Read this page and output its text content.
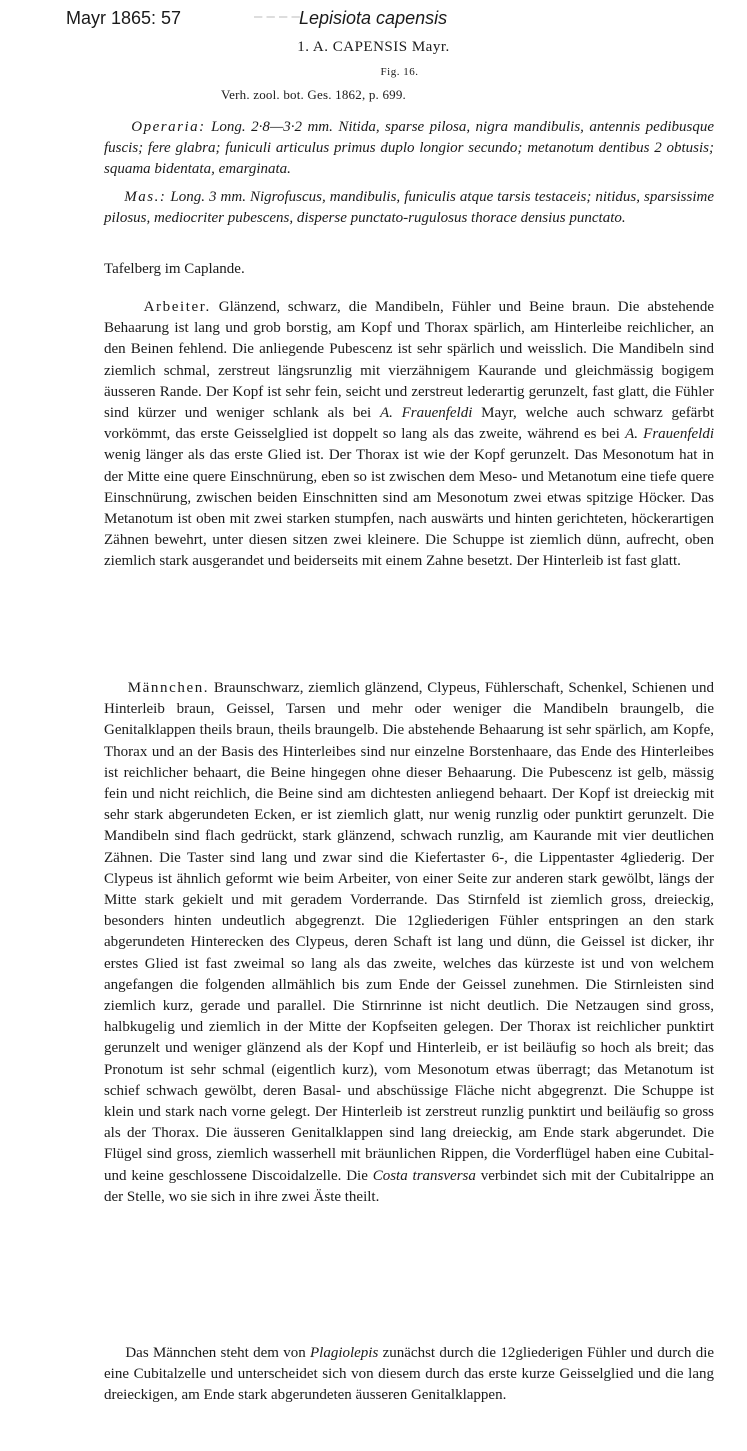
Mayr 1865: 57	– – – – Lepisiota capensis
1. A. CAPENSIS Mayr.
Fig. 16.
Verh. zool. bot. Ges. 1862, p. 699.

Operaria: Long. 2·8—3·2 mm. Nitida, sparse pilosa, nigra mandibulis, antennis pedibusque fuscis; fere glabra; funiculi articulus primus duplo longior secundo; metanotum dentibus 2 obtusis; squama bidentata, emarginata.

Mas.: Long. 3 mm. Nigrofuscus, mandibulis, funiculis atque tarsis testaceis; nitidus, sparsissime pilosus, mediocriter pubescens, disperse punctato-rugulosus thorace densius punctato.

Tafelberg im Caplande.

Arbeiter. Glänzend, schwarz, die Mandibeln, Fühler und Beine braun. Die abstehende Behaarung ist lang und grob borstig, am Kopf und Thorax spärlich, am Hinterleibe reichlicher, an den Beinen fehlend. Die anliegende Pubescenz ist sehr spärlich und weisslich. Die Mandibeln sind ziemlich schmal, zerstreut längsrunzlig mit vierzähnigem Kaurande und gleichmässig bogigem äusseren Rande. Der Kopf ist sehr fein, seicht und zerstreut lederartig gerunzelt, fast glatt, die Fühler sind kürzer und weniger schlank als bei A. Frauenfeldi Mayr, welche auch schwarz gefärbt vorkömmt, das erste Geisselglied ist doppelt so lang als das zweite, während es bei A. Frauenfeldi wenig länger als das erste Glied ist. Der Thorax ist wie der Kopf gerunzelt. Das Mesonotum hat in der Mitte eine quere Einschnürung, eben so ist zwischen dem Meso- und Metanotum eine tiefe quere Einschnürung, zwischen beiden Einschnitten sind am Mesonotum zwei etwas spitzige Höcker. Das Metanotum ist oben mit zwei starken stumpfen, nach auswärts und hinten gerichteten, höckerartigen Zähnen bewehrt, unter diesen sitzen zwei kleinere. Die Schuppe ist ziemlich dünn, aufrecht, oben ziemlich stark ausgerandet und beiderseits mit einem Zahne besetzt. Der Hinterleib ist fast glatt.

Männchen. Braunschwarz, ziemlich glänzend, Clypeus, Fühlerschaft, Schenkel, Schienen und Hinterleib braun, Geissel, Tarsen und mehr oder weniger die Mandibeln braungelb, die Genitalklappen theils braun, theils braungelb. Die abstehende Behaarung ist sehr spärlich, am Kopfe, Thorax und an der Basis des Hinterleibes sind nur einzelne Borstenhaare, das Ende des Hinterleibes ist reichlicher behaart, die Beine hingegen ohne dieser Behaarung. Die Pubescenz ist gelb, mässig fein und nicht reichlich, die Beine sind am dichtesten anliegend behaart. Der Kopf ist dreieckig mit sehr stark abgerundeten Ecken, er ist ziemlich glatt, nur wenig runzlig oder punktirt gerunzelt. Die Mandibeln sind flach gedrückt, stark glänzend, schwach runzlig, am Kaurande mit vier deutlichen Zähnen. Die Taster sind lang und zwar sind die Kiefertaster 6-, die Lippentaster 4gliederig. Der Clypeus ist ähnlich geformt wie beim Arbeiter, von einer Seite zur anderen stark gewölbt, längs der Mitte stark gekielt und mit geradem Vorderrande. Das Stirnfeld ist ziemlich gross, dreieckig, besonders hinten undeutlich abgegrenzt. Die 12gliederigen Fühler entspringen an den stark abgerundeten Hinterecken des Clypeus, deren Schaft ist lang und dünn, die Geissel ist dicker, ihr erstes Glied ist fast zweimal so lang als das zweite, welches das kürzeste ist und von welchem angefangen die folgenden allmählich bis zum Ende der Geissel zunehmen. Die Stirnleisten sind ziemlich kurz, gerade und parallel. Die Stirnrinne ist nicht deutlich. Die Netzaugen sind gross, halbkugelig und ziemlich in der Mitte der Kopfseiten gelegen. Der Thorax ist reichlicher punktirt gerunzelt und weniger glänzend als der Kopf und Hinterleib, er ist beiläufig so hoch als breit; das Pronotum ist sehr schmal (eigentlich kurz), vom Mesonotum etwas überragt; das Metanotum ist schief schwach gewölbt, deren Basal- und abschüssige Fläche nicht abgegrenzt. Die Schuppe ist klein und stark nach vorne gelegt. Der Hinterleib ist zerstreut runzlig punktirt und beiläufig so gross als der Thorax. Die äusseren Genitalklappen sind lang dreieckig, am Ende stark abgerundet. Die Flügel sind gross, ziemlich wasserhell mit bräunlichen Rippen, die Vorderflügel haben eine Cubital- und keine geschlossene Discoidalzelle. Die Costa transversa verbindet sich mit der Cubitalrippe an der Stelle, wo sie sich in ihre zwei Äste theilt.

Das Männchen steht dem von Plagiolepis zunächst durch die 12gliederigen Fühler und durch die eine Cubitalzelle und unterscheidet sich von diesem durch das erste kurze Geisselglied und die lang dreieckigen, am Ende stark abgerundeten äusseren Genitalklappen.
